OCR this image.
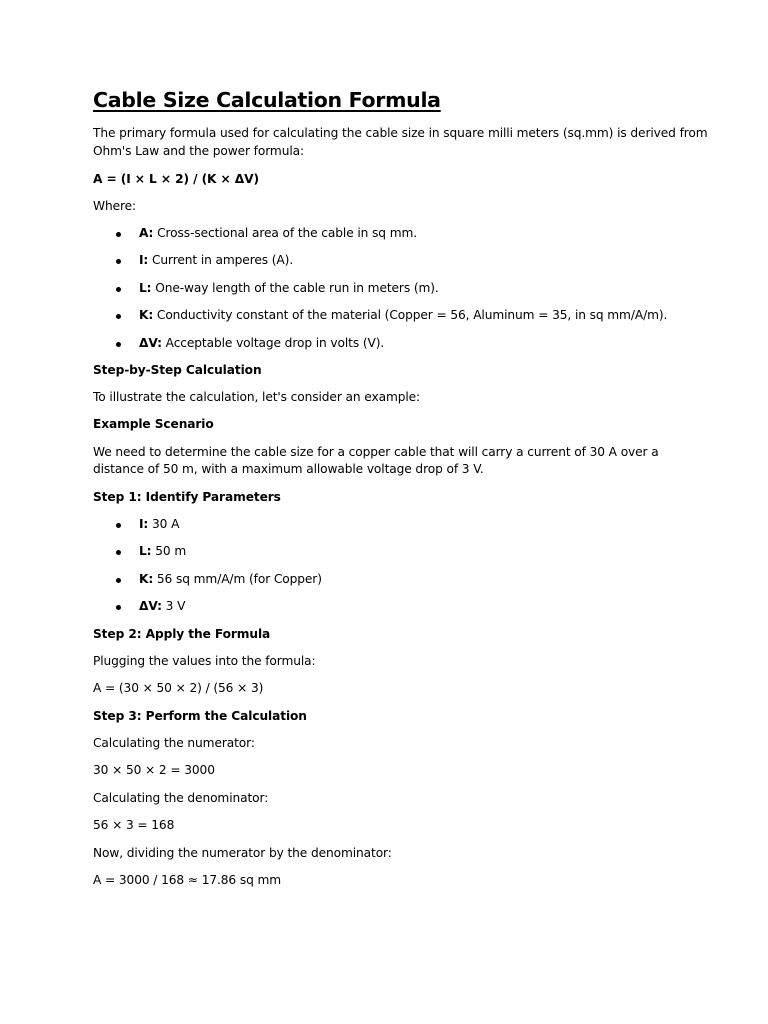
Cable Size Calculation Formula
The primary formula used for calculating the cable size in square milli meters (sq.mm) is derived from
Ohm's Law and the power formula:
A = (I × L × 2) / (K × ΔV)
Where:
A: Cross-sectional area of the cable in sq mm.
I: Current in amperes (A).
L: One-way length of the cable run in meters (m).
K: Conductivity constant of the material (Copper = 56, Aluminum = 35, in sq mm/A/m).
ΔV: Acceptable voltage drop in volts (V).
Step-by-Step Calculation
To illustrate the calculation, let's consider an example:
Example Scenario
We need to determine the cable size for a copper cable that will carry a current of 30 A over a
distance of 50 m, with a maximum allowable voltage drop of 3 V.
Step 1: Identify Parameters
I: 30 A
L: 50 m
K: 56 sq mm/A/m (for Copper)
ΔV: 3 V
Step 2: Apply the Formula
Plugging the values into the formula:
A = (30 × 50 × 2) / (56 × 3)
Step 3: Perform the Calculation
Calculating the numerator:
30 × 50 × 2 = 3000
Calculating the denominator:
56 × 3 = 168
Now, dividing the numerator by the denominator:
A = 3000 / 168 ≈ 17.86 sq mm
